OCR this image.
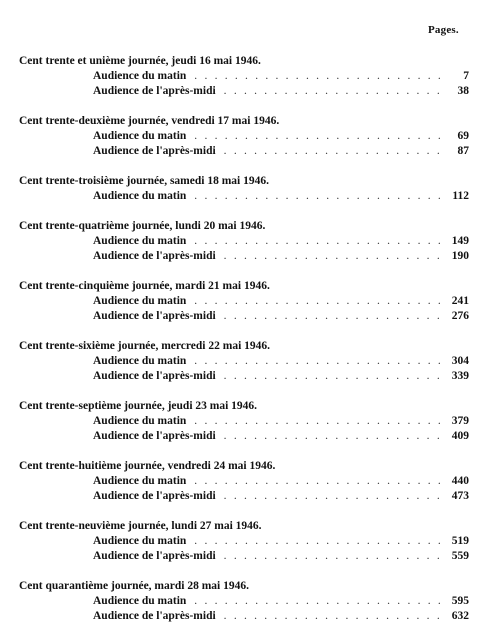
Pages.
Cent trente et unième journée, jeudi 16 mai 1946.
Audience du matin . . .	7
Audience de l'après-midi . . .	38
Cent trente-deuxième journée, vendredi 17 mai 1946.
Audience du matin . . .	69
Audience de l'après-midi . . .	87
Cent trente-troisième journée, samedi 18 mai 1946.
Audience du matin . . .	112
Cent trente-quatrième journée, lundi 20 mai 1946.
Audience du matin . . .	149
Audience de l'après-midi . . .	190
Cent trente-cinquième journée, mardi 21 mai 1946.
Audience du matin . . .	241
Audience de l'après-midi . . .	276
Cent trente-sixième journée, mercredi 22 mai 1946.
Audience du matin . . .	304
Audience de l'après-midi . . .	339
Cent trente-septième journée, jeudi 23 mai 1946.
Audience du matin . . .	379
Audience de l'après-midi . . .	409
Cent trente-huitième journée, vendredi 24 mai 1946.
Audience du matin . . .	440
Audience de l'après-midi . . .	473
Cent trente-neuvième journée, lundi 27 mai 1946.
Audience du matin . . .	519
Audience de l'après-midi . . .	559
Cent quarantième journée, mardi 28 mai 1946.
Audience du matin . . .	595
Audience de l'après-midi . . .	632
